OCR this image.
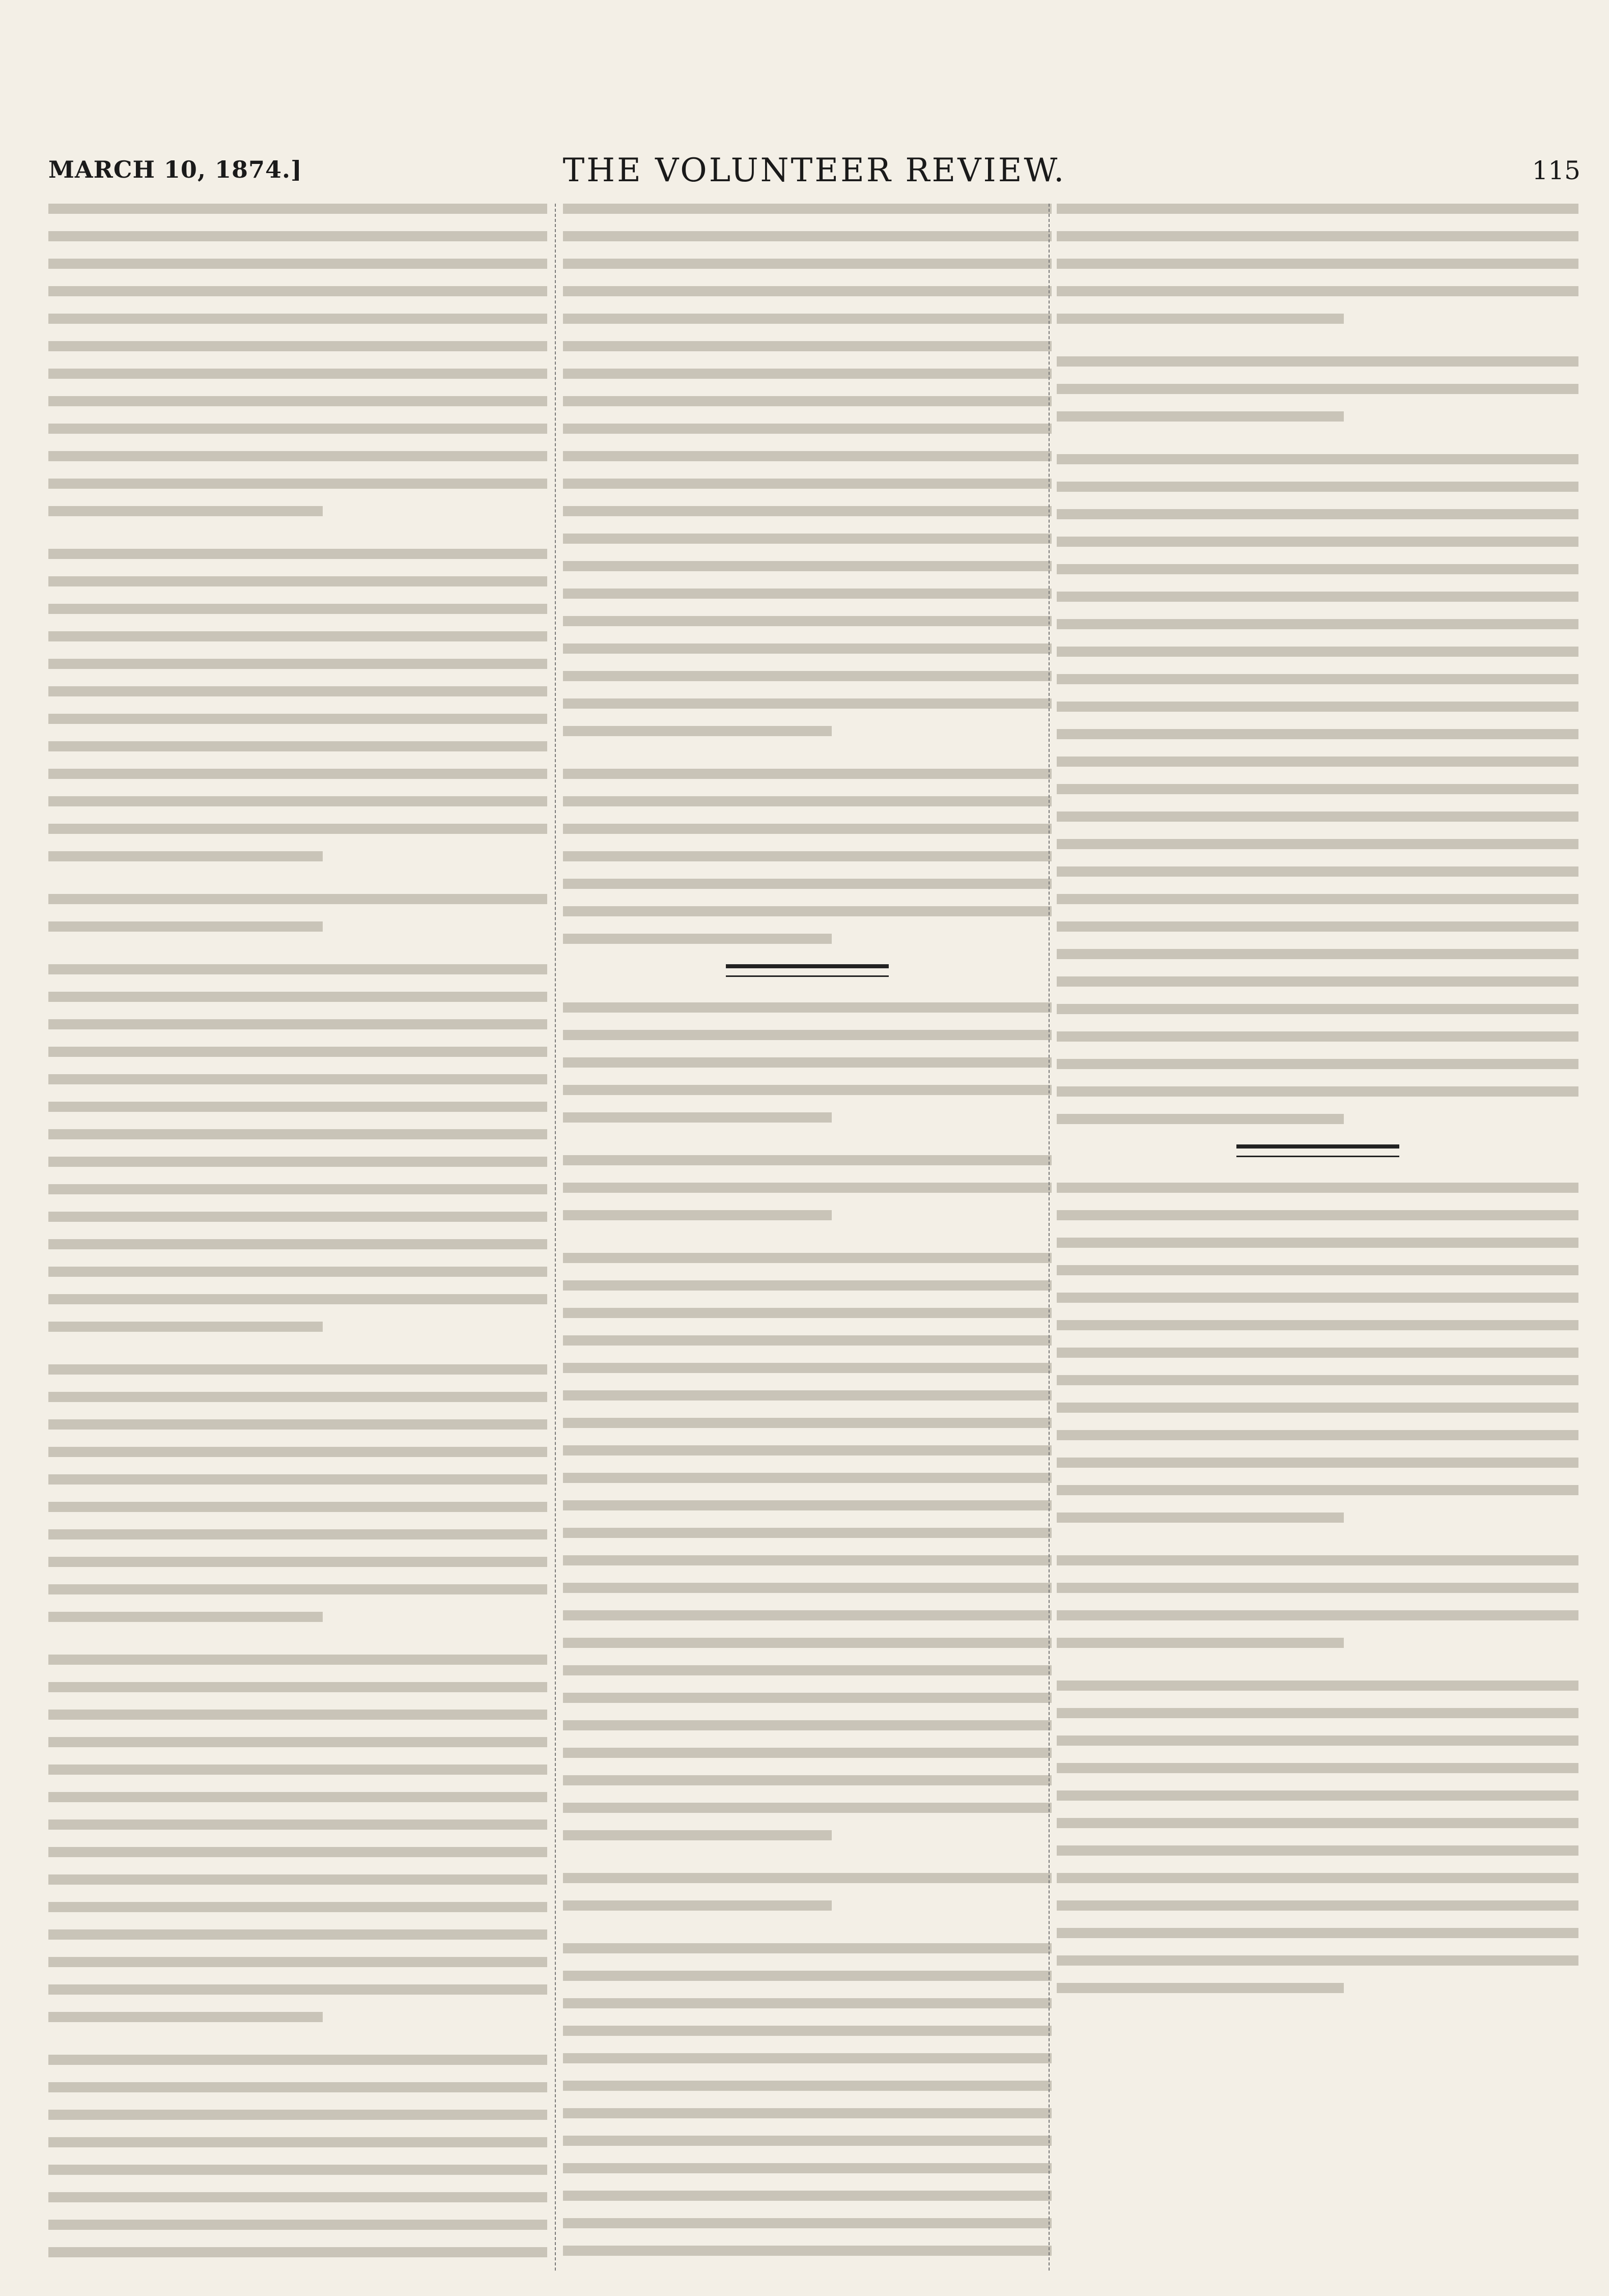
MARCH 10, 1874.]	THE VOLUNTEER REVIEW.	115
